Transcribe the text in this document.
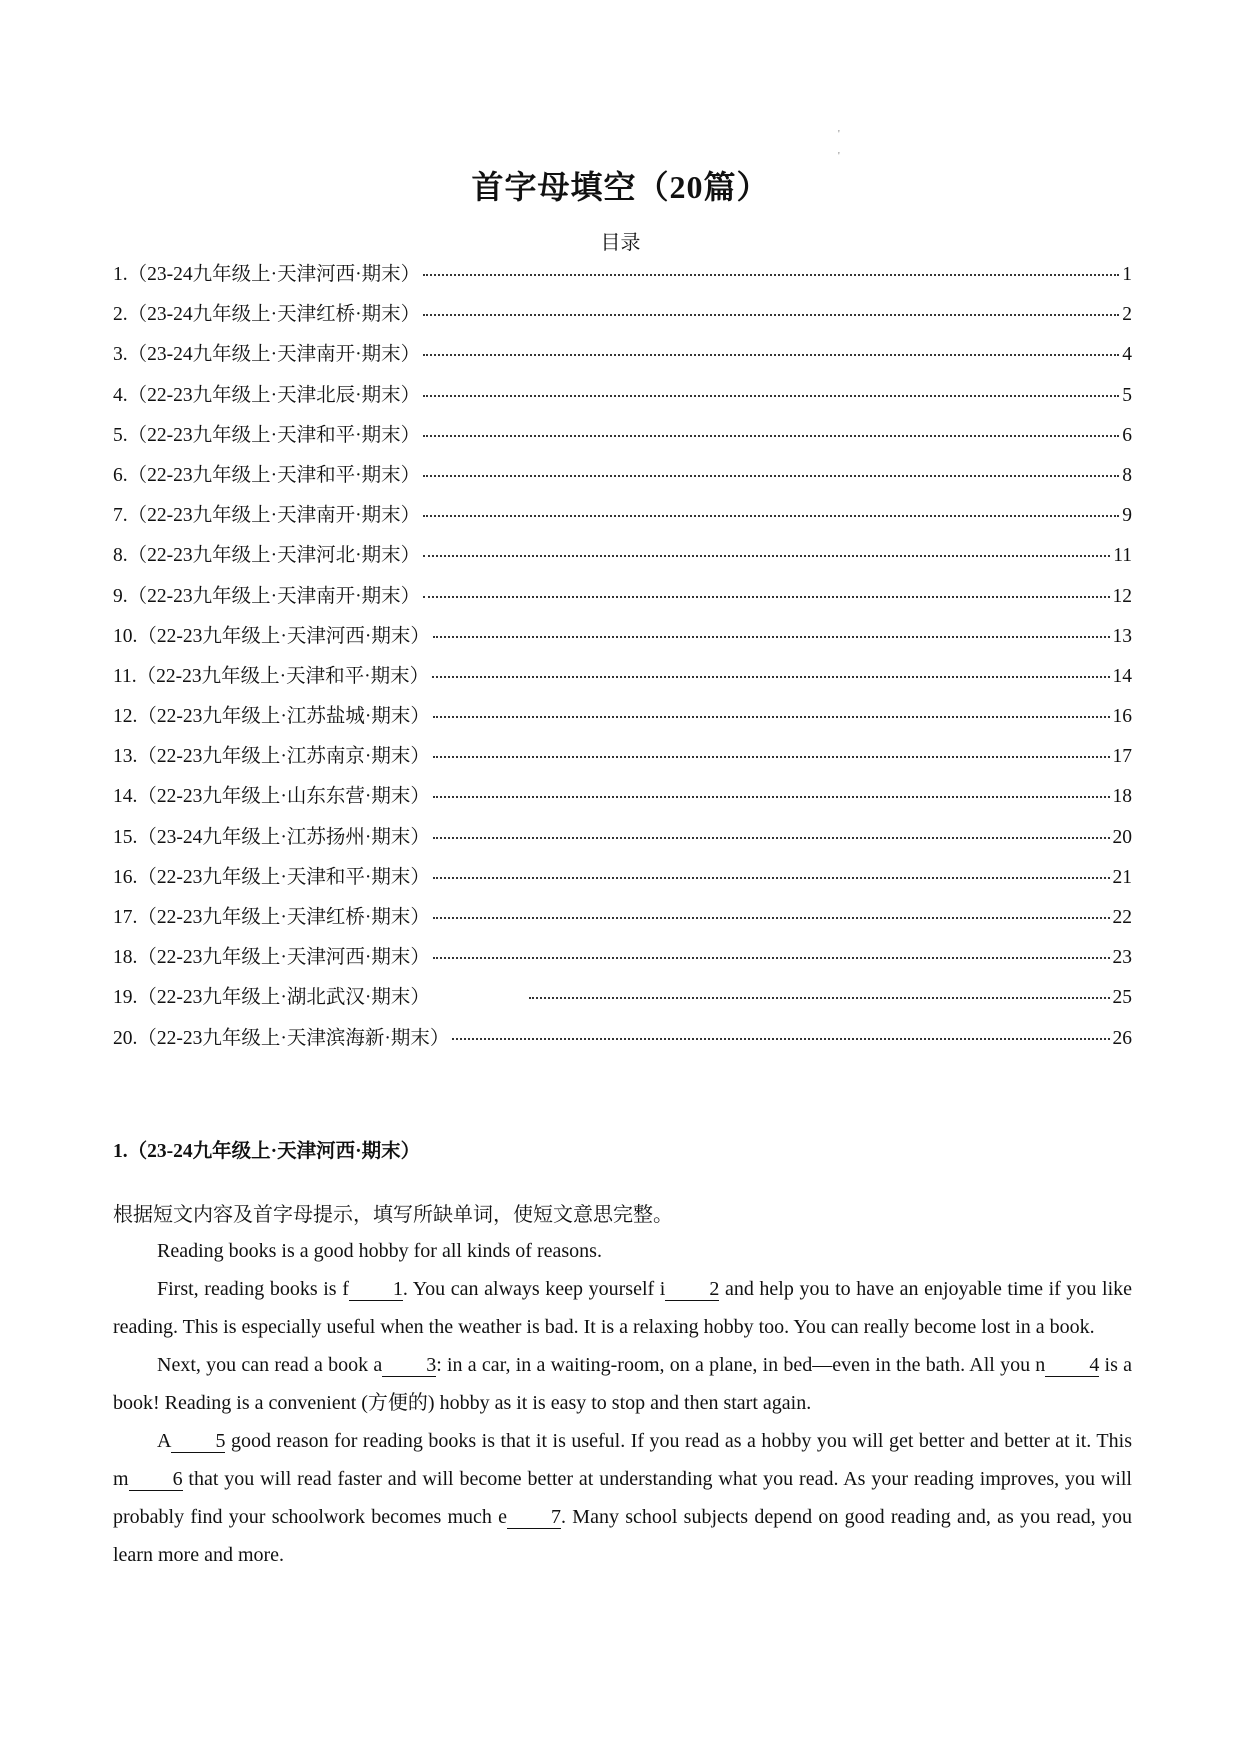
'
'
首字母填空（20篇）
目录
1.（23-24九年级上·天津河西·期末）	1
2.（23-24九年级上·天津红桥·期末）	2
3.（23-24九年级上·天津南开·期末）	4
4.（22-23九年级上·天津北辰·期末）	5
5.（22-23九年级上·天津和平·期末）	6
6.（22-23九年级上·天津和平·期末）	8
7.（22-23九年级上·天津南开·期末）	9
8.（22-23九年级上·天津河北·期末）	11
9.（22-23九年级上·天津南开·期末）	12
10.（22-23九年级上·天津河西·期末）	13
11.（22-23九年级上·天津和平·期末）	14
12.（22-23九年级上·江苏盐城·期末）	16
13.（22-23九年级上·江苏南京·期末）	17
14.（22-23九年级上·山东东营·期末）	18
15.（23-24九年级上·江苏扬州·期末）	20
16.（22-23九年级上·天津和平·期末）	21
17.（22-23九年级上·天津红桥·期末）	22
18.（22-23九年级上·天津河西·期末）	23
19.（22-23九年级上·湖北武汉·期末）	25
20.（22-23九年级上·天津滨海新·期末）	26
1.（23-24九年级上·天津河西·期末）
根据短文内容及首字母提示，填写所缺单词，使短文意思完整。

Reading books is a good hobby for all kinds of reasons.

First, reading books is f 1. You can always keep yourself i 2 and help you to have an enjoyable time if you like reading. This is especially useful when the weather is bad. It is a relaxing hobby too. You can really become lost in a book.

Next, you can read a book a 3: in a car, in a waiting-room, on a plane, in bed—even in the bath. All you n 4 is a book! Reading is a convenient (方便的) hobby as it is easy to stop and then start again.

A 5 good reason for reading books is that it is useful. If you read as a hobby you will get better and better at it. This m 6 that you will read faster and will become better at understanding what you read. As your reading improves, you will probably find your schoolwork becomes much e 7. Many school subjects depend on good reading and, as you read, you learn more and more.
